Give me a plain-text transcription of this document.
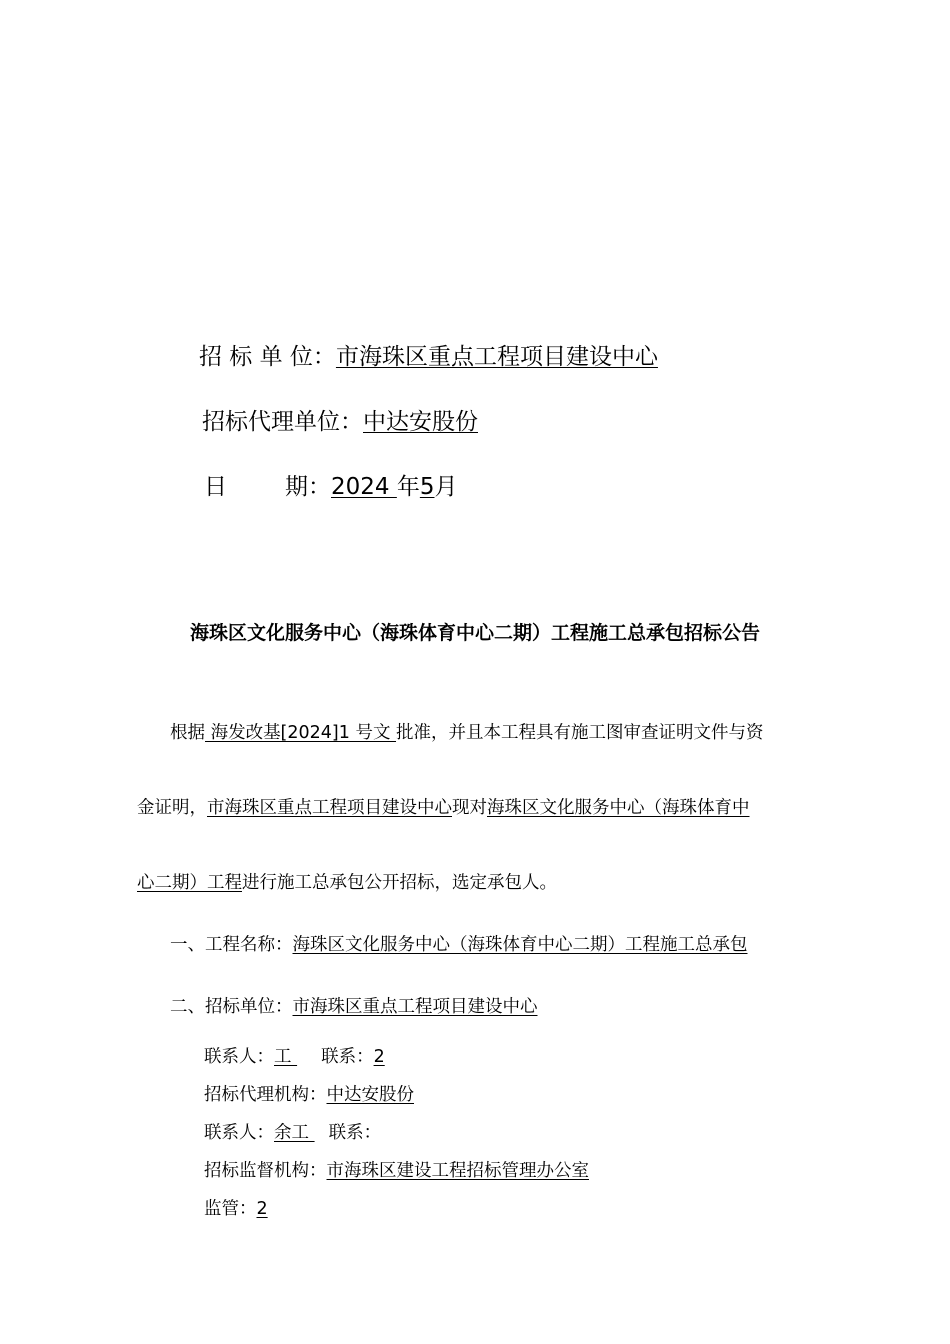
招 标 单 位：市海珠区重点工程项目建设中心
招标代理单位：中达安股份
日	期：2024 年5月
海珠区文化服务中心（海珠体育中心二期）工程施工总承包招标公告
根据 海发改基[2024]1 号文 批准，并且本工程具有施工图审查证明文件与资
金证明，市海珠区重点工程项目建设中心现对海珠区文化服务中心（海珠体育中
心二期）工程进行施工总承包公开招标，选定承包人。
一、工程名称：海珠区文化服务中心（海珠体育中心二期）工程施工总承包
二、招标单位：市海珠区重点工程项目建设中心
联系人：工 联系：2
招标代理机构：中达安股份
联系人：余工 联系：
招标监督机构：市海珠区建设工程招标管理办公室
监管：2
